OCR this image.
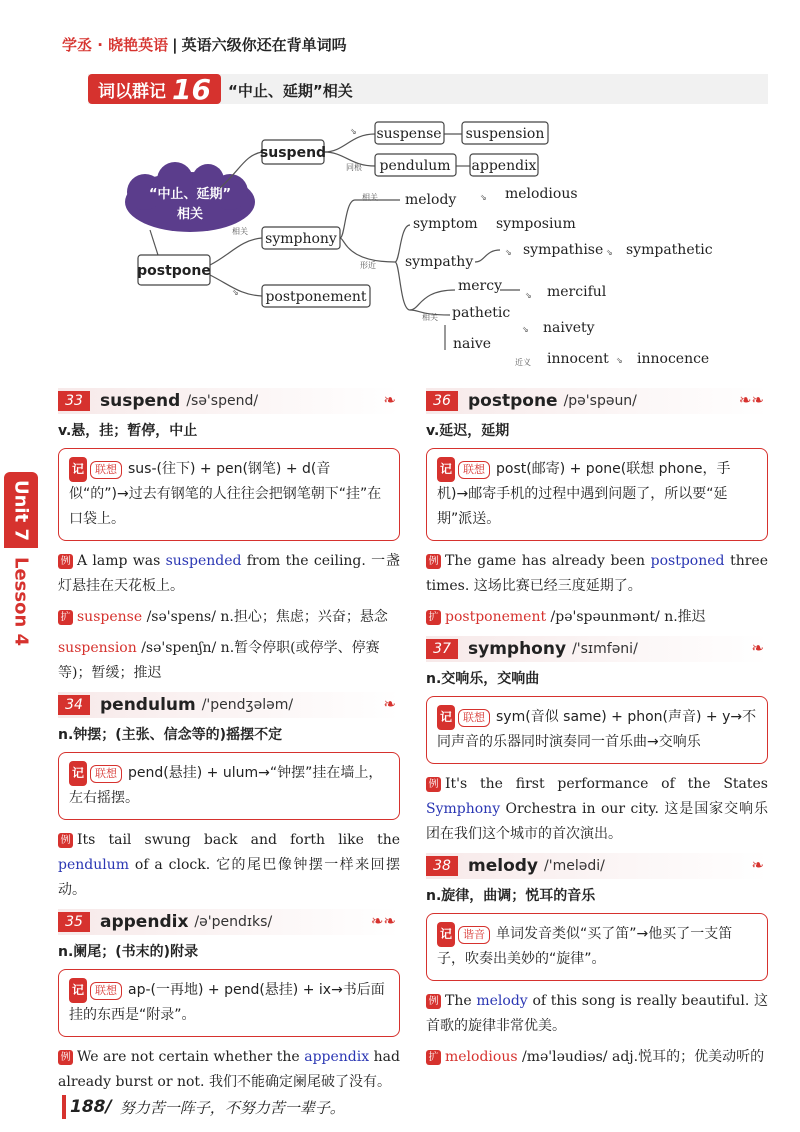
学丞 · 晓艳英语 | 英语六级你还在背单词吗
词以群记 16 “中止、延期”相关
“中止、延期”
相关
suspend
suspense suspension
pendulum appendix
postpone
symphony
postponement
melody	melodious
symptom symposium
sympathy
sympathise sympathetic
mercy	merciful
pathetic
naivety
naive
innocent innocence
同根
相关
相关
形近
相关
近义
⇘
⇘
⇘
⇘	⇘
⇘
⇘
⇘
Unit 7
Lesson 4
33	suspend /sə'spend/	❧
v.悬，挂；暂停，中止
记 联想 sus-(往下) + pen(钢笔) + d(音似“的”)→过去有钢笔的人往往会把钢笔朝下“挂”在口袋上。
例 A lamp was suspended from the ceiling. 一盏灯悬挂在天花板上。
扩 suspense /sə'spens/ n.担心；焦虑；兴奋；悬念
suspension /sə'spenʃn/ n.暂令停职(或停学、停赛等)；暂缓；推迟
34	pendulum /'pendʒələm/	❧
n.钟摆；(主张、信念等的)摇摆不定
记 联想 pend(悬挂) + ulum→“钟摆”挂在墙上，左右摇摆。
例 Its tail swung back and forth like the pendulum of a clock. 它的尾巴像钟摆一样来回摆动。
35	appendix /ə'pendɪks/	❧❧
n.阑尾；(书末的)附录
记 联想 ap-(一再地) + pend(悬挂) + ix→书后面挂的东西是“附录”。
例 We are not certain whether the appendix had already burst or not. 我们不能确定阑尾破了没有。
36	postpone /pə'spəun/	❧❧
v.延迟，延期
记 联想 post(邮寄) + pone(联想 phone，手机)→邮寄手机的过程中遇到问题了，所以要“延期”派送。
例 The game has already been postponed three times. 这场比赛已经三度延期了。
扩 postponement /pə'spəunmənt/ n.推迟
37	symphony /'sɪmfəni/	❧
n.交响乐，交响曲
记 联想 sym(音似 same) + phon(声音) + y→不同声音的乐器同时演奏同一首乐曲→交响乐
例 It's the first performance of the States Symphony Orchestra in our city. 这是国家交响乐团在我们这个城市的首次演出。
38	melody /'melədi/	❧
n.旋律，曲调；悦耳的音乐
记 谐音 单词发音类似“买了笛”→他买了一支笛子，吹奏出美妙的“旋律”。
例 The melody of this song is really beautiful. 这首歌的旋律非常优美。
扩 melodious /mə'ləudiəs/ adj.悦耳的；优美动听的
188/ 努力苦一阵子，不努力苦一辈子。
